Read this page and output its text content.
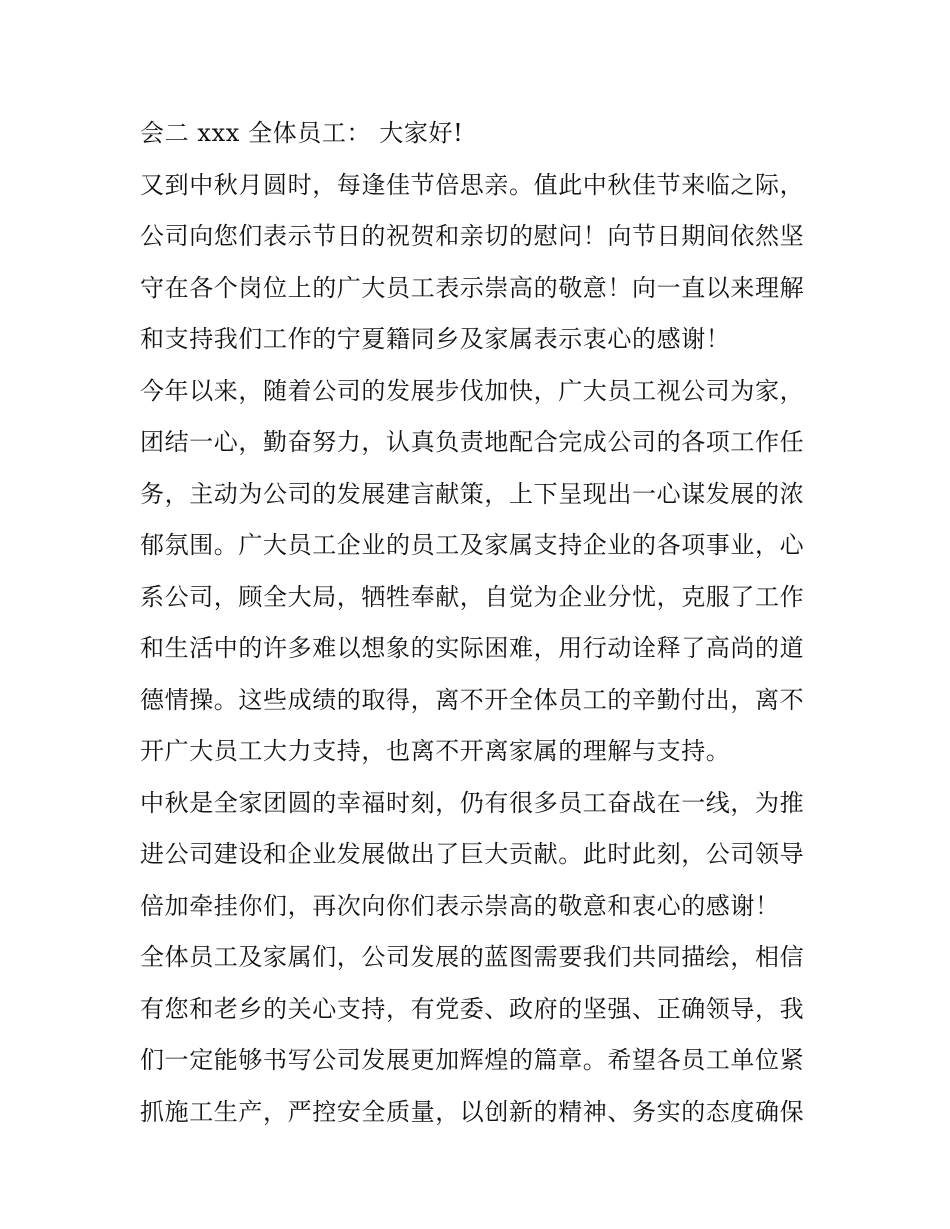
会二 xxx 全体员工： 大家好!
又到中秋月圆时，每逢佳节倍思亲。值此中秋佳节来临之际，
公司向您们表示节日的祝贺和亲切的慰问！向节日期间依然坚
守在各个岗位上的广大员工表示崇高的敬意！向一直以来理解
和支持我们工作的宁夏籍同乡及家属表示衷心的感谢！
今年以来，随着公司的发展步伐加快，广大员工视公司为家，
团结一心，勤奋努力，认真负责地配合完成公司的各项工作任
务，主动为公司的发展建言献策，上下呈现出一心谋发展的浓
郁氛围。广大员工企业的员工及家属支持企业的各项事业，心
系公司，顾全大局，牺牲奉献，自觉为企业分忧，克服了工作
和生活中的许多难以想象的实际困难，用行动诠释了高尚的道
德情操。这些成绩的取得，离不开全体员工的辛勤付出，离不
开广大员工大力支持，也离不开离家属的理解与支持。
中秋是全家团圆的幸福时刻，仍有很多员工奋战在一线，为推
进公司建设和企业发展做出了巨大贡献。此时此刻，公司领导
倍加牵挂你们，再次向你们表示崇高的敬意和衷心的感谢！
全体员工及家属们，公司发展的蓝图需要我们共同描绘，相信
有您和老乡的关心支持，有党委、政府的坚强、正确领导，我
们一定能够书写公司发展更加辉煌的篇章。希望各员工单位紧
抓施工生产，严控安全质量，以创新的精神、务实的态度确保
